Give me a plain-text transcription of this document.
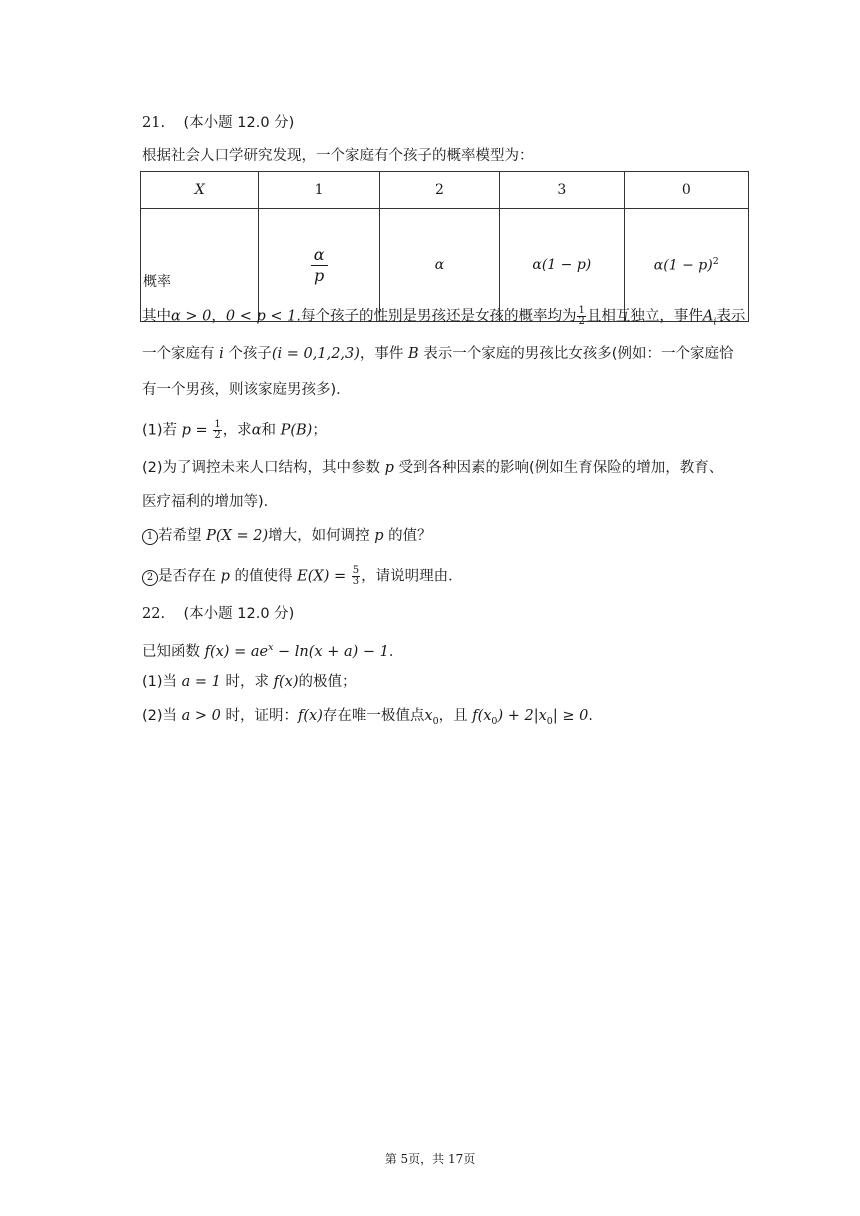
21. (本小题 12.0 分)
根据社会人口学研究发现，一个家庭有个孩子的概率模型为：
X	1	2	3	0
概率	$\frac{\alpha}{p}$	α	α(1 − p)	$\alpha(1 - p)^2$
其中α > 0，0 < p < 1.每个孩子的性别是男孩还是女孩的概率均为 $\frac{1}{2}$ 且相互独立，事件$A_i$表示
一个家庭有 i 个孩子(i = 0,1,2,3)，事件 B 表示一个家庭的男孩比女孩多(例如：一个家庭恰
有一个男孩，则该家庭男孩多)．
(1)若 $p = \frac{1}{2}$ ，求α和 P(B)；
(2)为了调控未来人口结构，其中参数 p 受到各种因素的影响(例如生育保险的增加，教育、
医疗福利的增加等)．
1 若希望 P(X = 2)增大，如何调控 p 的值？
2 是否存在 p 的值使得 $E(X) = \frac{5}{3}$ ，请说明理由．
22. (本小题 12.0 分)
已知函数 $f(x) = ae^x - \ln(x + a) - 1$．
(1)当 a = 1 时，求 f(x)的极值；
(2)当 a > 0 时，证明：f(x)存在唯一极值点$x_0$，且 $f(x_0) + 2|x_0| \ge 0$．
第 5页，共 17页
